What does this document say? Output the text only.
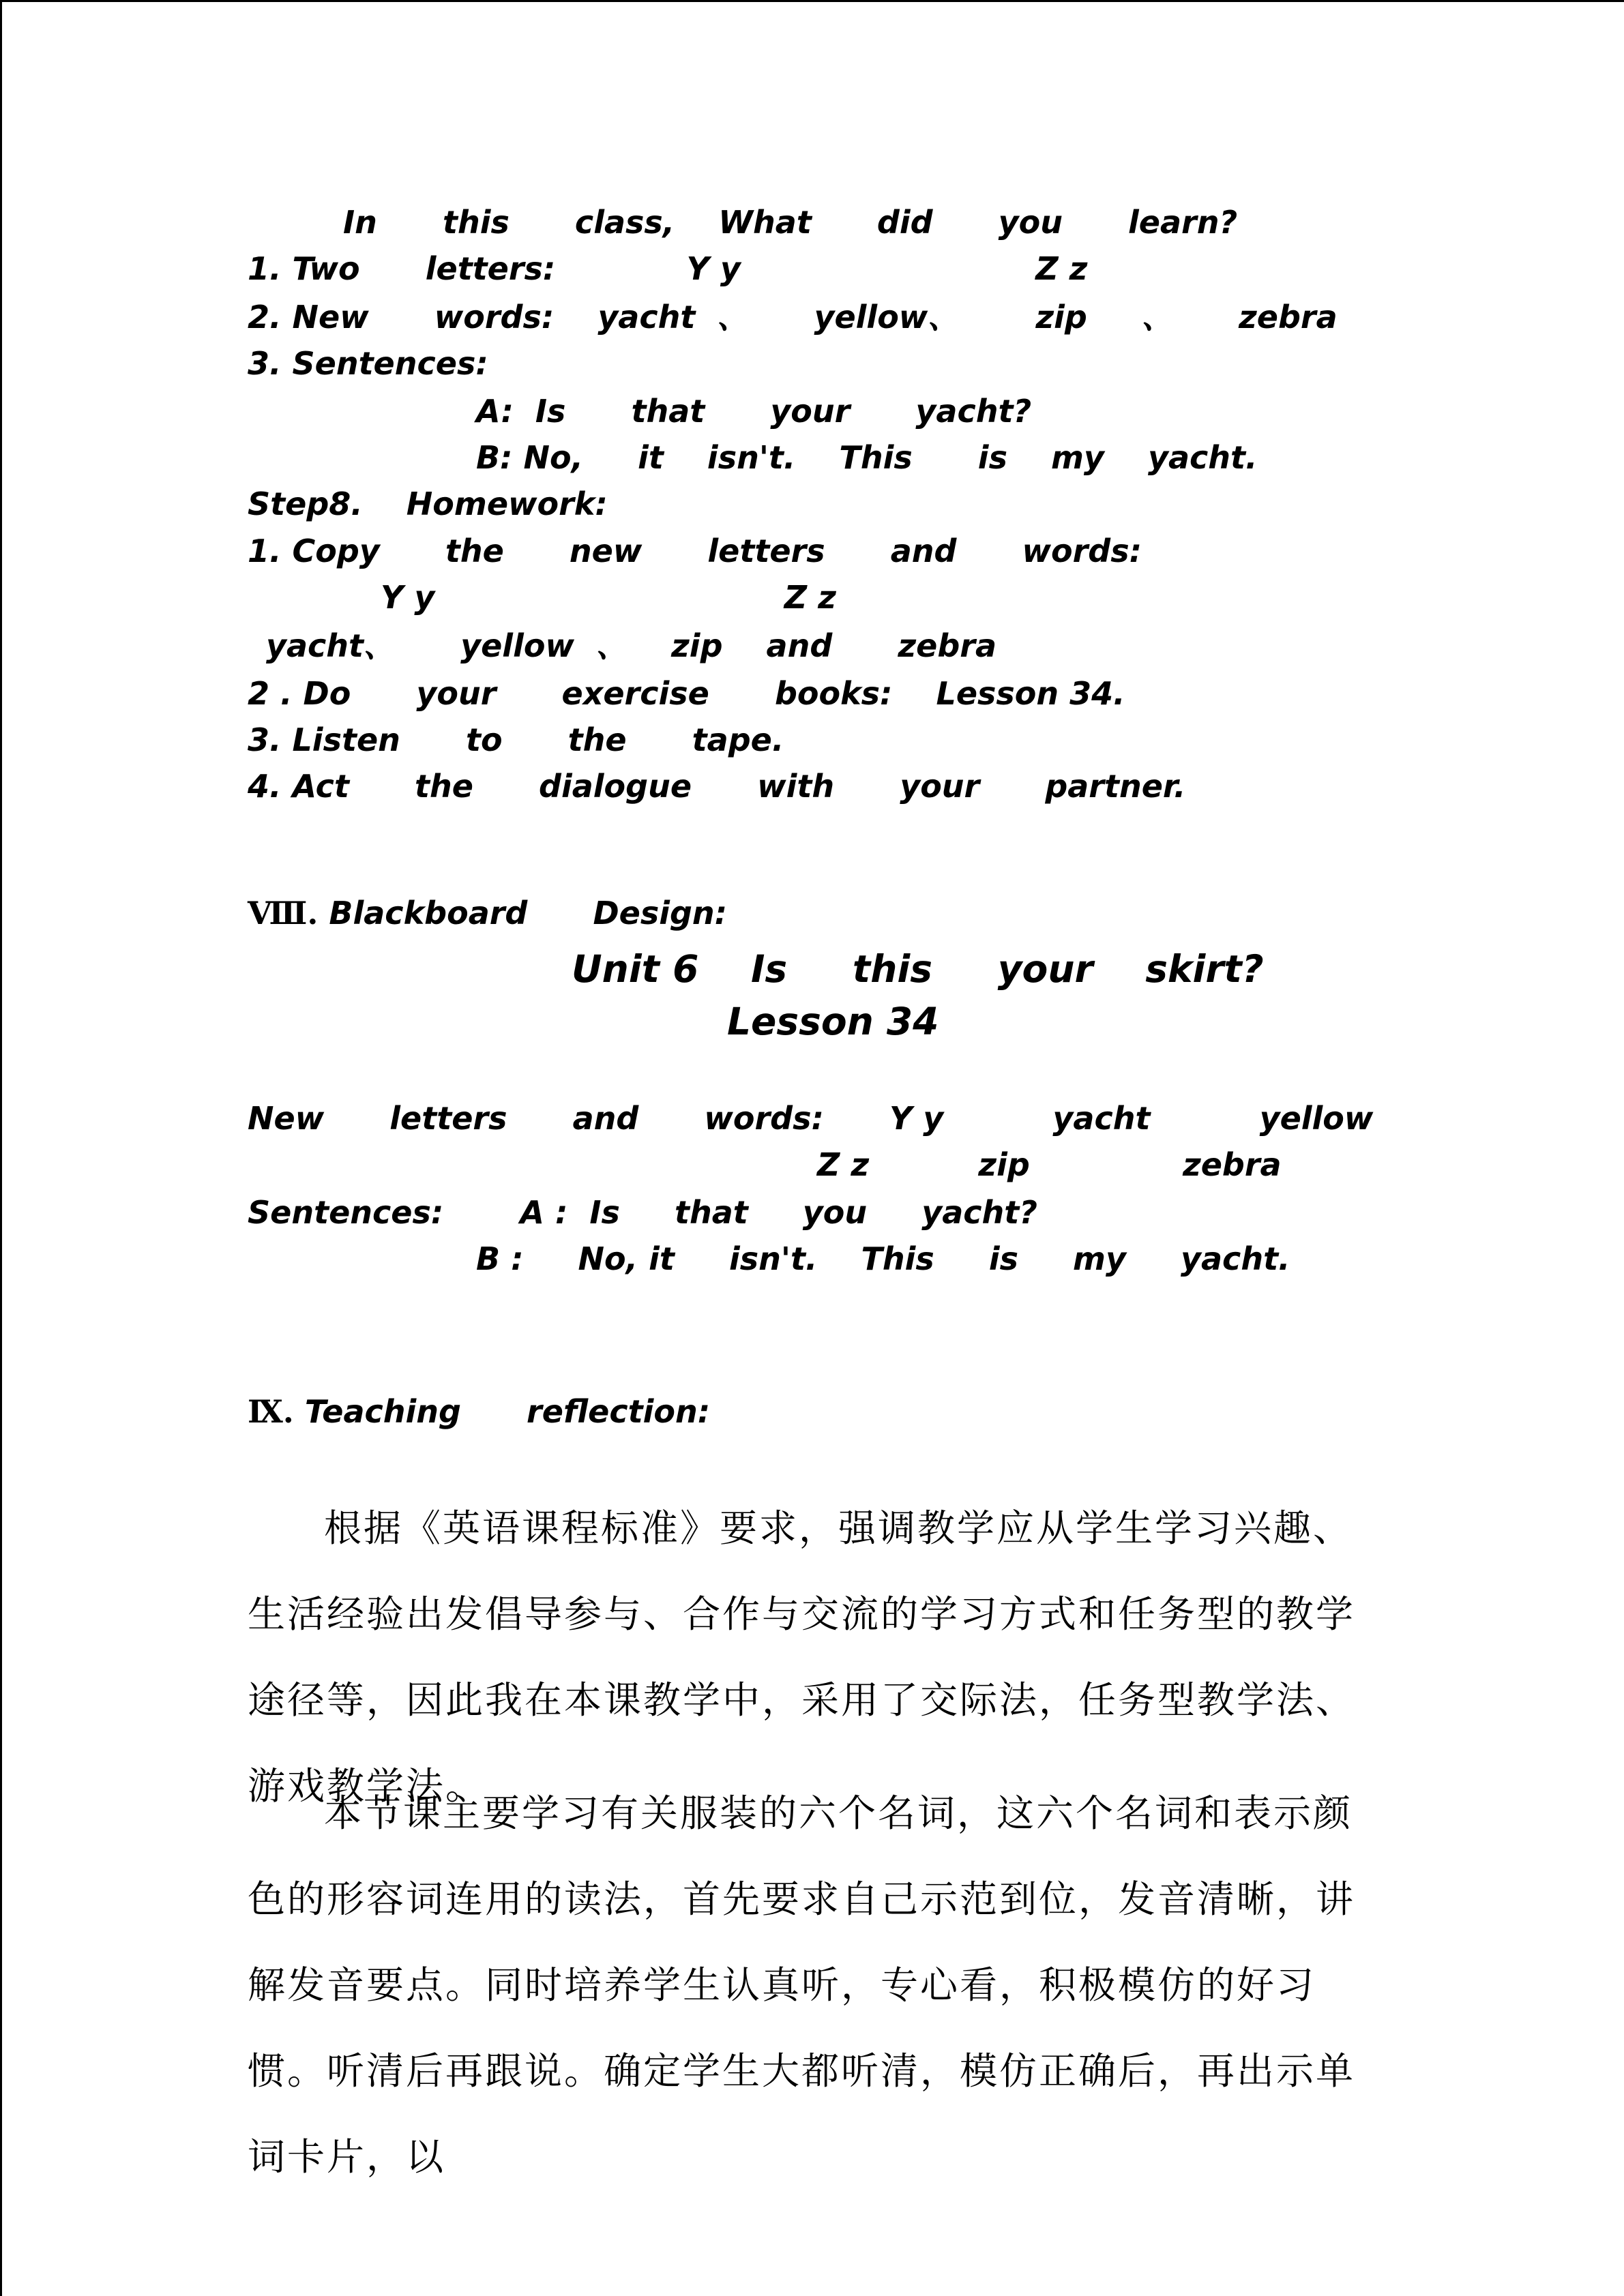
In      this      class,    What      did      you      learn?
1. Two      letters:            Y y                           Z z
2. New      words:    yacht  、      yellow、       zip     、      zebra
3. Sentences:
A:  Is      that      your      yacht?
B: No,     it    isn't.    This      is    my    yacht.
Step8.    Homework:
1. Copy      the      new      letters      and      words:
Y y                                Z z
yacht、      yellow  、    zip    and      zebra
2 . Do      your      exercise      books:    Lesson 34.
3. Listen      to      the      tape.
4. Act      the      dialogue      with      your      partner.
Ⅷ. Blackboard      Design:
Unit 6    Is     this     your    skirt?
Lesson 34
New      letters      and      words:      Y y          yacht          yellow
Z z          zip              zebra
Sentences:       A :  Is     that     you     yacht?
B :     No, it     isn't.    This     is     my     yacht.
Ⅸ. Teaching      reflection:
根据《英语课程标准》要求，强调教学应从学生学习兴趣、生活经验出发倡导参与、合作与交流的学习方式和任务型的教学途径等，因此我在本课教学中，采用了交际法，任务型教学法、游戏教学法。
本节课主要学习有关服装的六个名词，这六个名词和表示颜色的形容词连用的读法，首先要求自己示范到位，发音清晰，讲解发音要点。同时培养学生认真听，专心看，积极模仿的好习惯。听清后再跟说。确定学生大都听清，模仿正确后，再出示单词卡片，以
